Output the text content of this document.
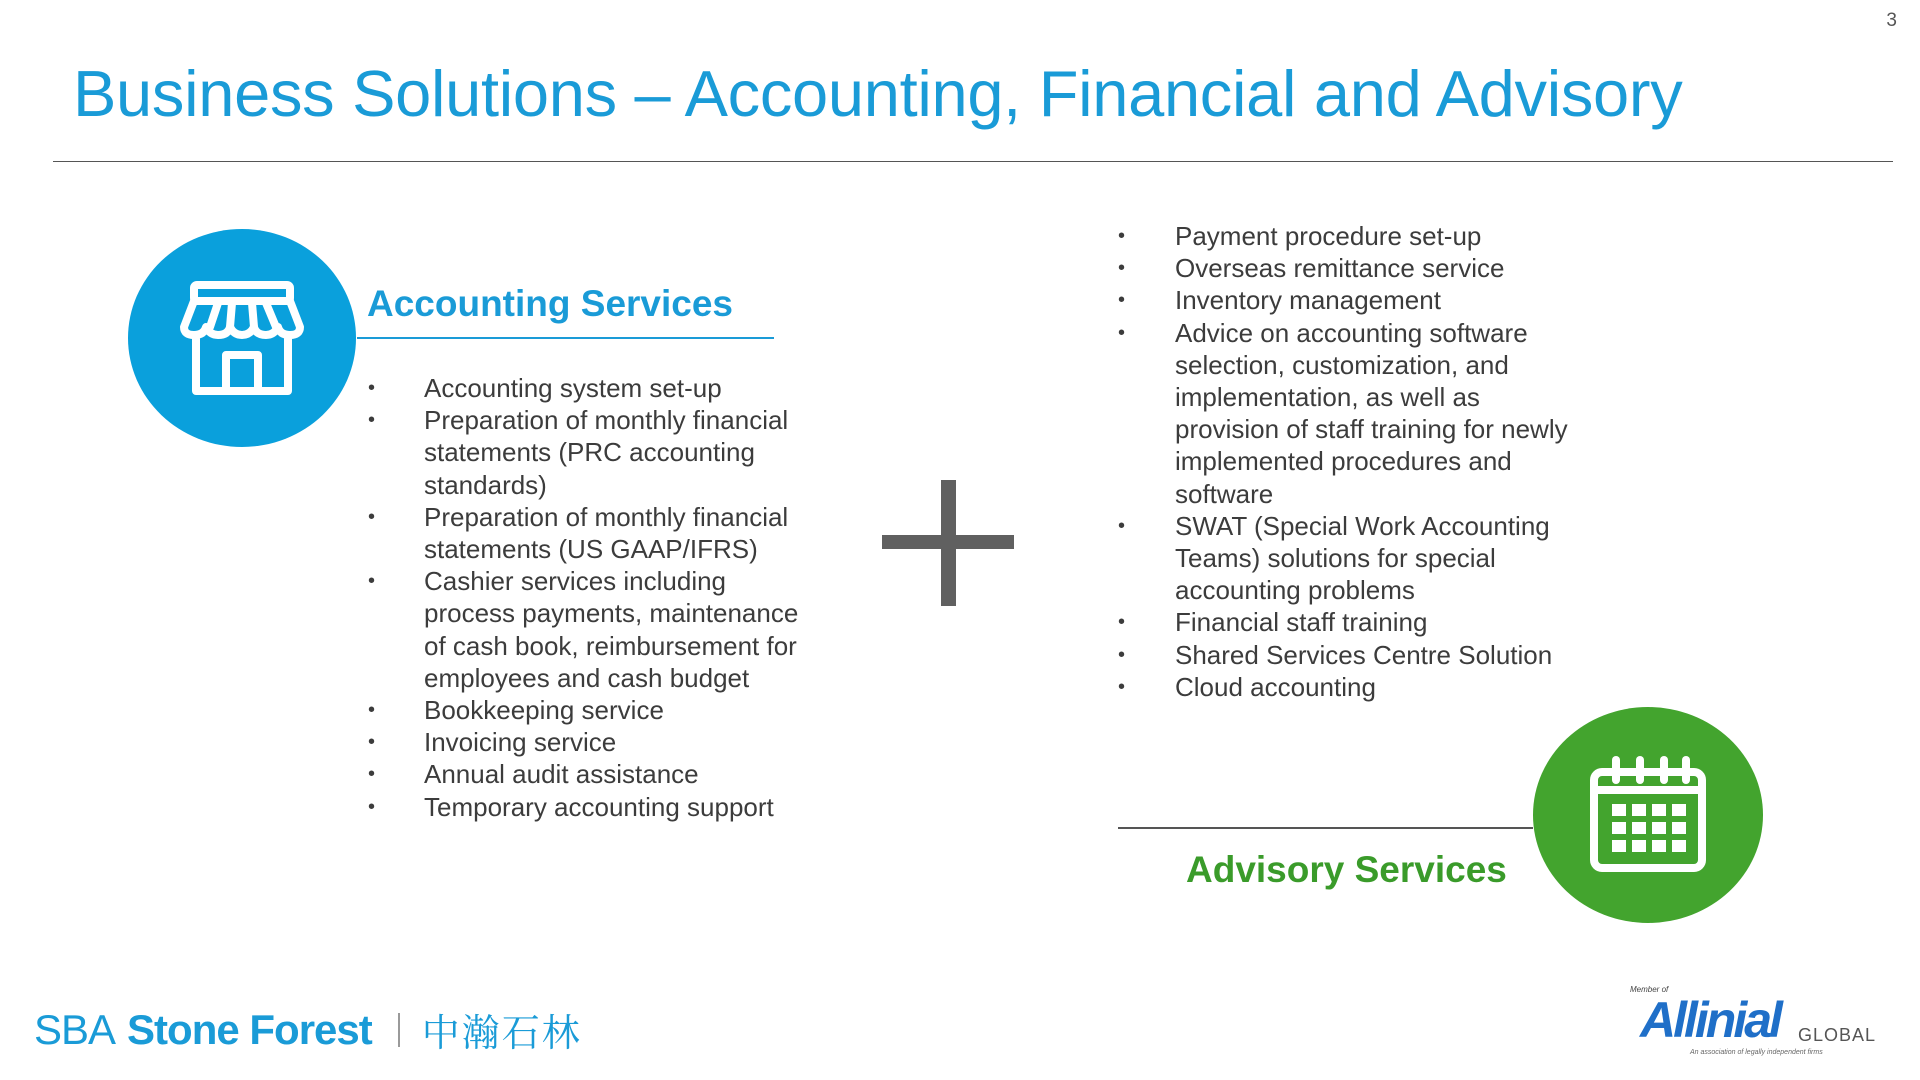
3
Business Solutions – Accounting, Financial and Advisory
Accounting Services
• Accounting system set-up
• Preparation of monthly financial statements (PRC accounting standards)
• Preparation of monthly financial statements (US GAAP/IFRS)
• Cashier services including process payments, maintenance of cash book, reimbursement for employees and cash budget
• Bookkeeping service
• Invoicing service
• Annual audit assistance
• Temporary accounting support
• Payment procedure set-up
• Overseas remittance service
• Inventory management
• Advice on accounting software selection, customization, and implementation, as well as provision of staff training for newly implemented procedures and software
• SWAT (Special Work Accounting Teams) solutions for special accounting problems
• Financial staff training
• Shared Services Centre Solution
• Cloud accounting
Advisory Services
SBA Stone Forest 中瀚石林
Member of
Allinial GLOBAL
An association of legally independent firms
